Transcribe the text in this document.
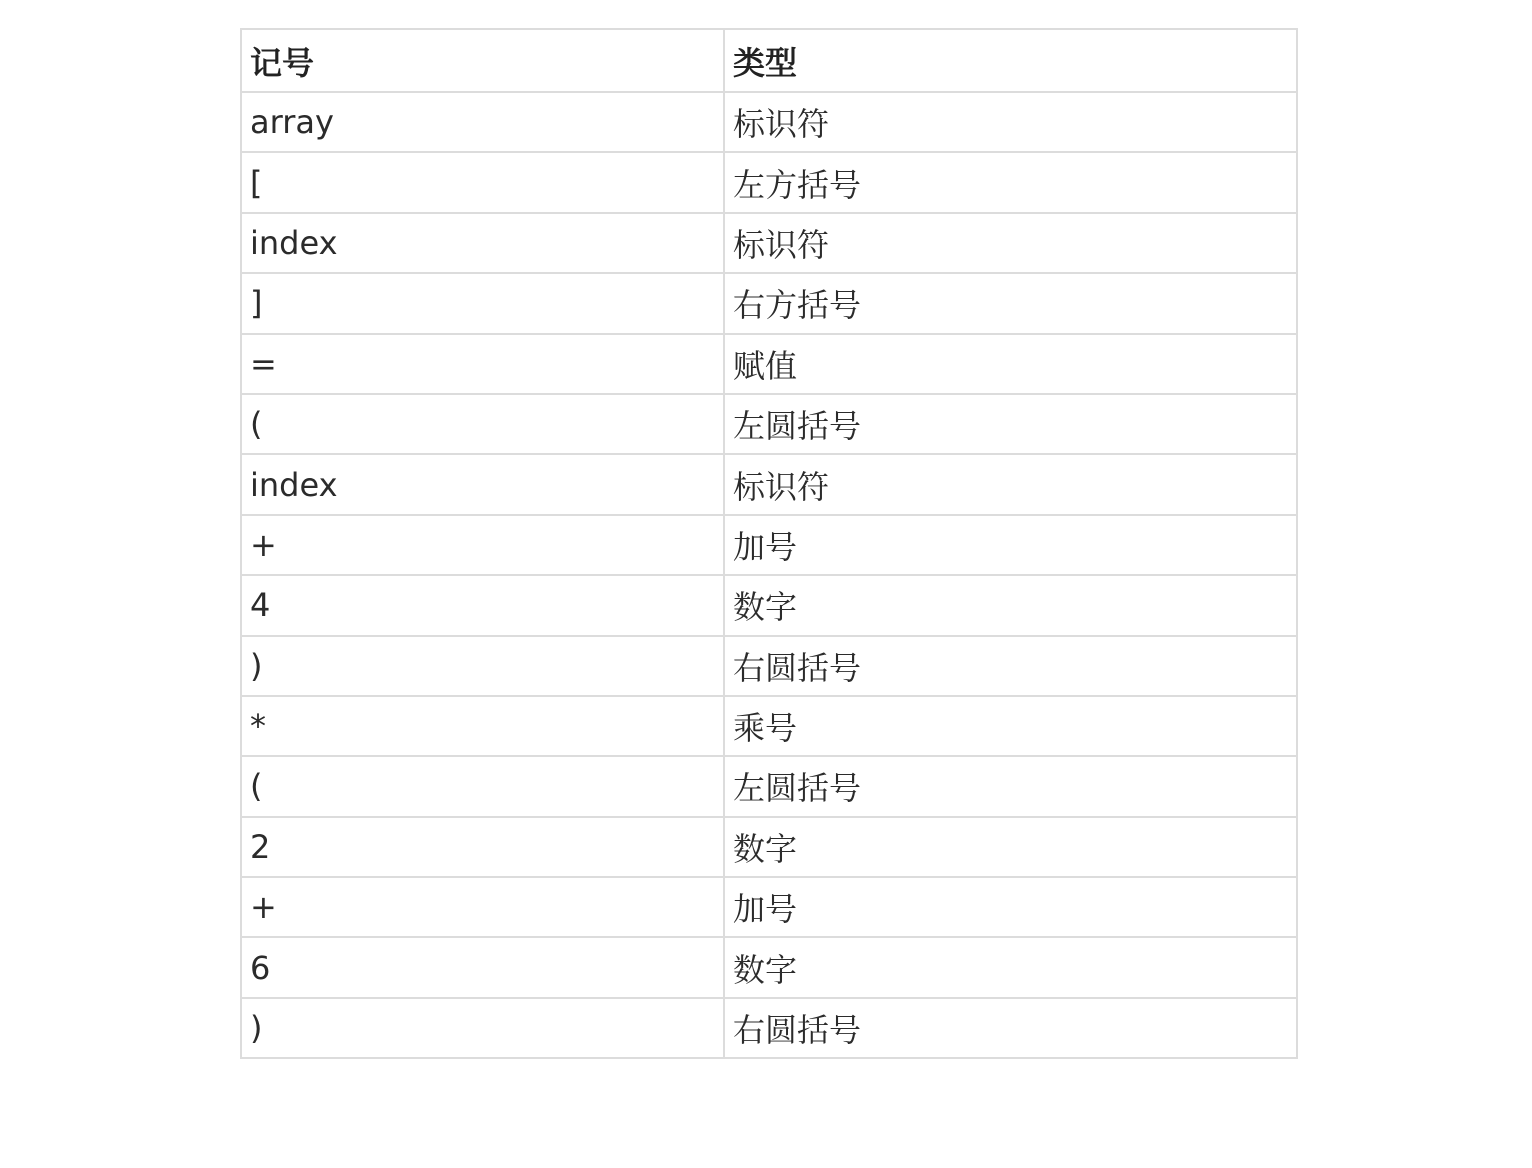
记号	类型
array	标识符
[	左方括号
index	标识符
]	右方括号
=	赋值
(	左圆括号
index	标识符
+	加号
4	数字
)	右圆括号
*	乘号
(	左圆括号
2	数字
+	加号
6	数字
)	右圆括号
